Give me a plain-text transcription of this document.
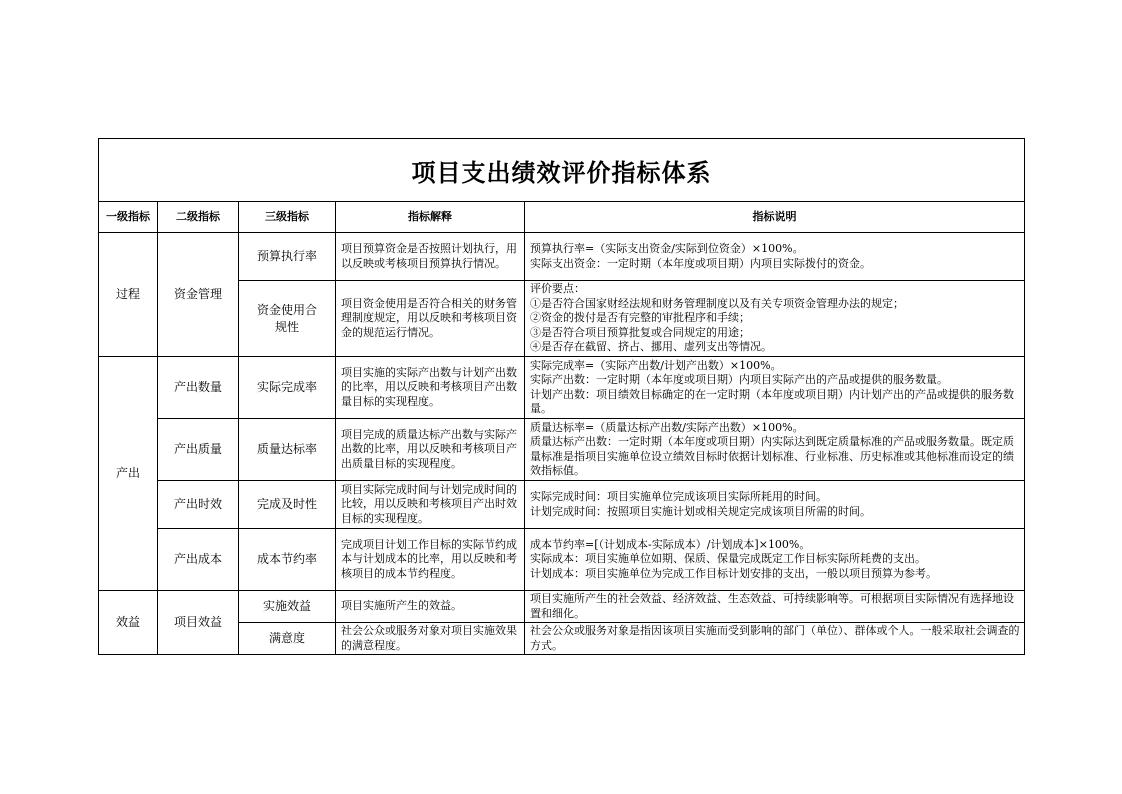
项目支出绩效评价指标体系				
一级指标	二级指标	三级指标	指标解释	指标说明
过程	资金管理	预算执行率	项目预算资金是否按照计划执行，用以反映或考核项目预算执行情况。	预算执行率=（实际支出资金/实际到位资金）×100%。
实际支出资金：一定时期（本年度或项目期）内项目实际拨付的资金。

		资金使用合规性	项目资金使用是否符合相关的财务管理制度规定，用以反映和考核项目资金的规范运行情况。	评价要点：
①是否符合国家财经法规和财务管理制度以及有关专项资金管理办法的规定；
②资金的拨付是否有完整的审批程序和手续；
③是否符合项目预算批复或合同规定的用途；
④是否存在截留、挤占、挪用、虚列支出等情况。

产出	产出数量	实际完成率	项目实施的实际产出数与计划产出数的比率，用以反映和考核项目产出数量目标的实现程度。	实际完成率=（实际产出数/计划产出数）×100%。
实际产出数：一定时期（本年度或项目期）内项目实际产出的产品或提供的服务数量。
计划产出数：项目绩效目标确定的在一定时期（本年度或项目期）内计划产出的产品或提供的服务数量。

	产出质量	质量达标率	项目完成的质量达标产出数与实际产出数的比率，用以反映和考核项目产出质量目标的实现程度。	质量达标率=（质量达标产出数/实际产出数）×100%。
质量达标产出数：一定时期（本年度或项目期）内实际达到既定质量标准的产品或服务数量。既定质量标准是指项目实施单位设立绩效目标时依据计划标准、行业标准、历史标准或其他标准而设定的绩效指标值。

	产出时效	完成及时性	项目实际完成时间与计划完成时间的比较，用以反映和考核项目产出时效目标的实现程度。	实际完成时间：项目实施单位完成该项目实际所耗用的时间。
计划完成时间：按照项目实施计划或相关规定完成该项目所需的时间。

	产出成本	成本节约率	完成项目计划工作目标的实际节约成本与计划成本的比率，用以反映和考核项目的成本节约程度。	成本节约率=[（计划成本-实际成本）/计划成本]×100%。
实际成本：项目实施单位如期、保质、保量完成既定工作目标实际所耗费的支出。
计划成本：项目实施单位为完成工作目标计划安排的支出，一般以项目预算为参考。

效益	项目效益	实施效益	项目实施所产生的效益。	项目实施所产生的社会效益、经济效益、生态效益、可持续影响等。可根据项目实际情况有选择地设置和细化。

		满意度	社会公众或服务对象对项目实施效果的满意程度。	社会公众或服务对象是指因该项目实施而受到影响的部门（单位）、群体或个人。一般采取社会调查的方式。
